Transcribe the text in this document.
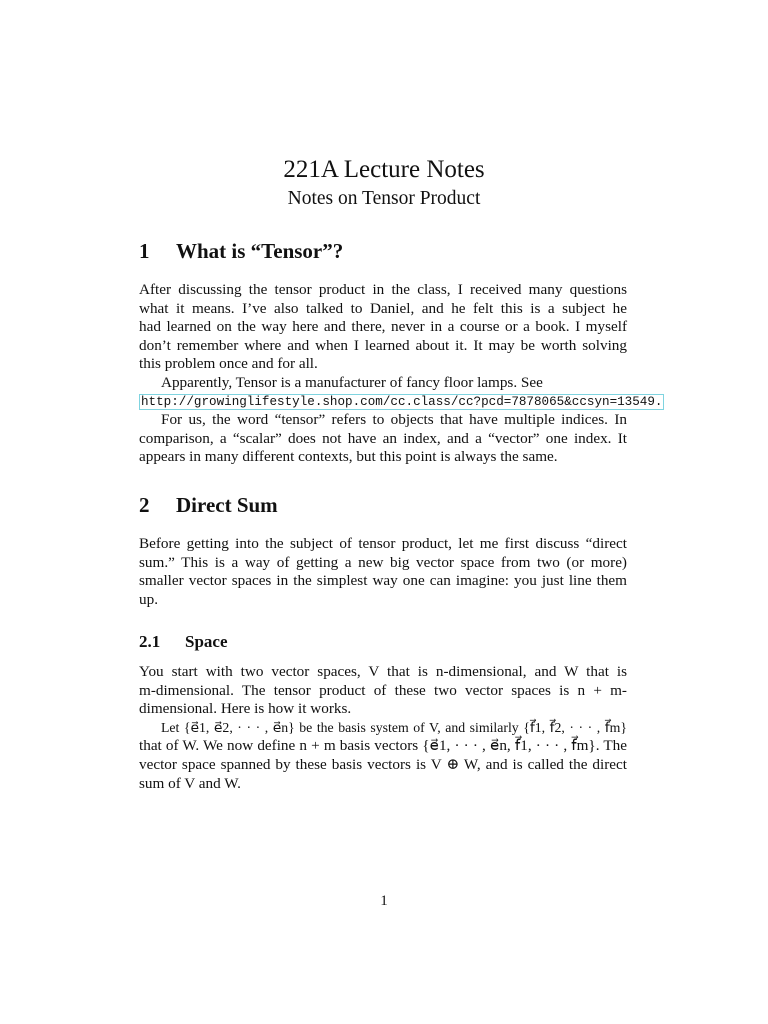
221A Lecture Notes
Notes on Tensor Product
1 What is “Tensor”?
After discussing the tensor product in the class, I received many questions
what it means. I’ve also talked to Daniel, and he felt this is a subject he
had learned on the way here and there, never in a course or a book. I myself
don’t remember where and when I learned about it. It may be worth solving
this problem once and for all.
Apparently, Tensor is a manufacturer of fancy floor lamps. See
http://growinglifestyle.shop.com/cc.class/cc?pcd=7878065&ccsyn=13549.
For us, the word “tensor” refers to objects that have multiple indices. In
comparison, a “scalar” does not have an index, and a “vector” one index. It
appears in many different contexts, but this point is always the same.
2 Direct Sum
Before getting into the subject of tensor product, let me first discuss “direct
sum.” This is a way of getting a new big vector space from two (or more)
smaller vector spaces in the simplest way one can imagine: you just line them
up.
2.1 Space
You start with two vector spaces, V that is n-dimensional, and W that is
m-dimensional. The tensor product of these two vector spaces is n + m-
dimensional. Here is how it works.
Let {e⃗1, e⃗2, · · · , e⃗n} be the basis system of V, and similarly {f⃗1, f⃗2, · · · , f⃗m}
that of W. We now define n + m basis vectors {e⃗1, · · · , e⃗n, f⃗1, · · · , f⃗m}. The
vector space spanned by these basis vectors is V ⊕ W, and is called the direct
sum of V and W.
1
